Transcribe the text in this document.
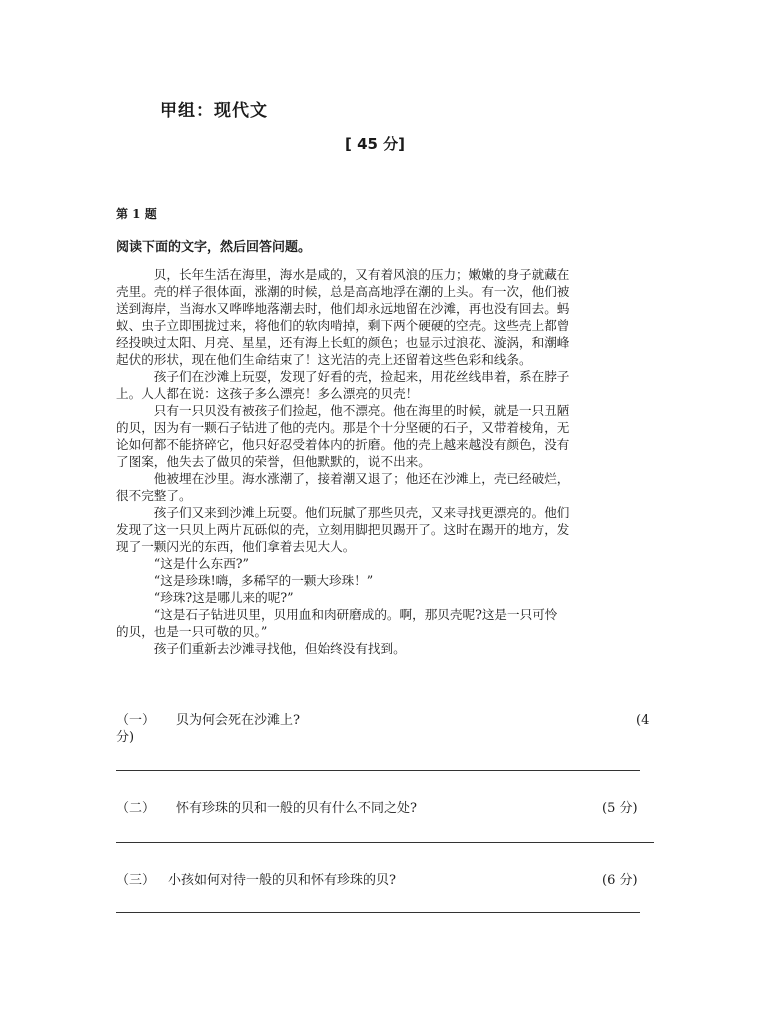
甲组：现代文
[ 45 分]
第 1 题
阅读下面的文字，然后回答问题。
　　　贝，长年生活在海里，海水是咸的，又有着风浪的压力；嫩嫩的身子就藏在
壳里。壳的样子很体面，涨潮的时候，总是高高地浮在潮的上头。有一次，他们被
送到海岸，当海水又哗哗地落潮去时，他们却永远地留在沙滩，再也没有回去。蚂
蚁、虫子立即围拢过来，将他们的软肉啃掉，剩下两个硬硬的空壳。这些壳上都曾
经投映过太阳、月亮、星星，还有海上长虹的颜色；也显示过浪花、漩涡，和潮峰
起伏的形状，现在他们生命结束了！这光洁的壳上还留着这些色彩和线条。
　　　孩子们在沙滩上玩耍，发现了好看的壳，捡起来，用花丝线串着，系在脖子
上。人人都在说：这孩子多么漂亮！多么漂亮的贝壳！
　　　只有一只贝没有被孩子们捡起，他不漂亮。他在海里的时候，就是一只丑陋
的贝，因为有一颗石子钻进了他的壳内。那是个十分坚硬的石子，又带着棱角，无
论如何都不能挤碎它，他只好忍受着体内的折磨。他的壳上越来越没有颜色，没有
了图案，他失去了做贝的荣誉，但他默默的，说不出来。
　　　他被埋在沙里。海水涨潮了，接着潮又退了；他还在沙滩上，壳已经破烂，
很不完整了。
　　　孩子们又来到沙滩上玩耍。他们玩腻了那些贝壳，又来寻找更漂亮的。他们
发现了这一只贝上两片瓦砾似的壳，立刻用脚把贝踢开了。这时在踢开的地方，发
现了一颗闪光的东西，他们拿着去见大人。
　　　“这是什么东西?”
　　　“这是珍珠!嗨，多稀罕的一颗大珍珠！”
　　　“珍珠?这是哪儿来的呢?”
　　　“这是石子钻进贝里，贝用血和肉研磨成的。啊，那贝壳呢?这是一只可怜
的贝，也是一只可敬的贝。”
　　　孩子们重新去沙滩寻找他，但始终没有找到。
（一） 贝为何会死在沙滩上?	(4
分)
（二） 怀有珍珠的贝和一般的贝有什么不同之处?	(5 分)
（三） 小孩如何对待一般的贝和怀有珍珠的贝?	(6 分)
